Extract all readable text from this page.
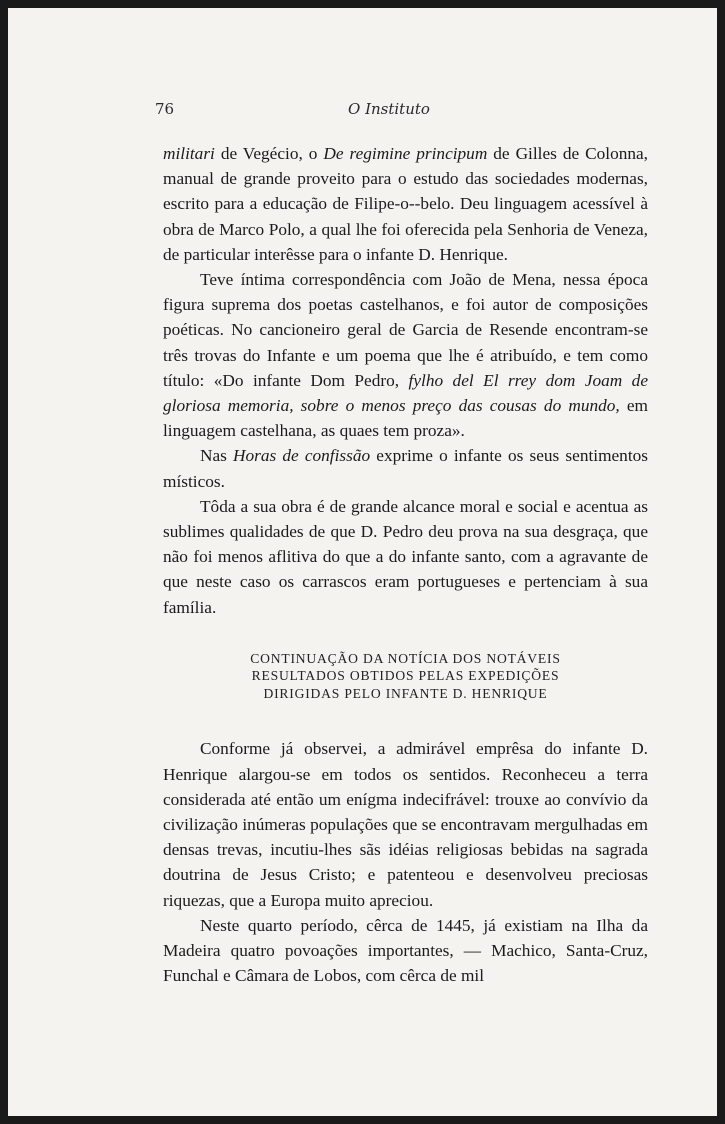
76	O Instituto

militari de Vegécio, o De regimine principum de Gilles de Colonna, manual de grande proveito para o estudo das sociedades modernas, escrito para a educação de Filipe-o--belo. Deu linguagem acessível à obra de Marco Polo, a qual lhe foi oferecida pela Senhoria de Veneza, de particular interêsse para o infante D. Henrique.

Teve íntima correspondência com João de Mena, nessa época figura suprema dos poetas castelhanos, e foi autor de composições poéticas. No cancioneiro geral de Garcia de Resende encontram-se três trovas do Infante e um poema que lhe é atribuído, e tem como título: «Do infante Dom Pedro, fylho del El rrey dom Joam de gloriosa memoria, sobre o menos preço das cousas do mundo, em linguagem castelhana, as quaes tem proza».

Nas Horas de confissão exprime o infante os seus sentimentos místicos.

Tôda a sua obra é de grande alcance moral e social e acentua as sublimes qualidades de que D. Pedro deu prova na sua desgraça, que não foi menos aflitiva do que a do infante santo, com a agravante de que neste caso os carrascos eram portugueses e pertenciam à sua família.

CONTINUAÇÃO DA NOTÍCIA DOS NOTÁVEIS
RESULTADOS OBTIDOS PELAS EXPEDIÇÕES
DIRIGIDAS PELO INFANTE D. HENRIQUE

Conforme já observei, a admirável emprêsa do infante D. Henrique alargou-se em todos os sentidos. Reconheceu a terra considerada até então um enígma indecifrável: trouxe ao convívio da civilização inúmeras populações que se encontravam mergulhadas em densas trevas, incutiu-lhes sãs idéias religiosas bebidas na sagrada doutrina de Jesus Cristo; e patenteou e desenvolveu preciosas riquezas, que a Europa muito apreciou.

Neste quarto período, cêrca de 1445, já existiam na Ilha da Madeira quatro povoações importantes, — Machico, Santa-Cruz, Funchal e Câmara de Lobos, com cêrca de mil
